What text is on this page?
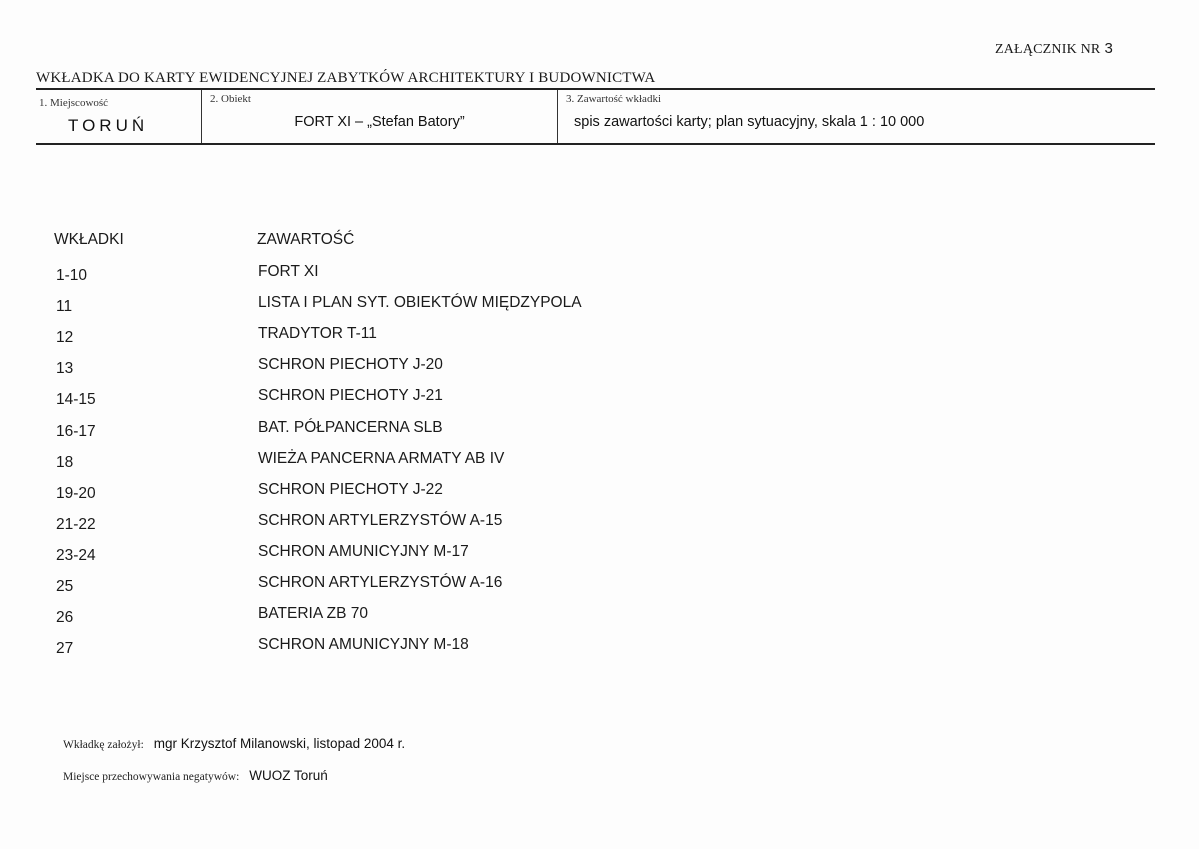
ZAŁĄCZNIK NR 3
WKŁADKA DO KARTY EWIDENCYJNEJ ZABYTKÓW ARCHITEKTURY I BUDOWNICTWA
1. Miejscowość
TORUŃ
2. Obiekt
FORT XI – „Stefan Batory”
3. Zawartość wkładki
spis zawartości karty; plan sytuacyjny, skala 1 : 10 000
WKŁADKI	ZAWARTOŚĆ
1-10	FORT XI
11	LISTA I PLAN SYT. OBIEKTÓW MIĘDZYPOLA
12	TRADYTOR T-11
13	SCHRON PIECHOTY J-20
14-15	SCHRON PIECHOTY J-21
16-17	BAT. PÓŁPANCERNA SLB
18	WIEŻA PANCERNA ARMATY AB IV
19-20	SCHRON PIECHOTY J-22
21-22	SCHRON ARTYLERZYSTÓW A-15
23-24	SCHRON AMUNICYJNY M-17
25	SCHRON ARTYLERZYSTÓW A-16
26	BATERIA ZB 70
27	SCHRON AMUNICYJNY M-18
Wkładkę założył: mgr Krzysztof Milanowski, listopad 2004 r.
Miejsce przechowywania negatywów: WUOZ Toruń
